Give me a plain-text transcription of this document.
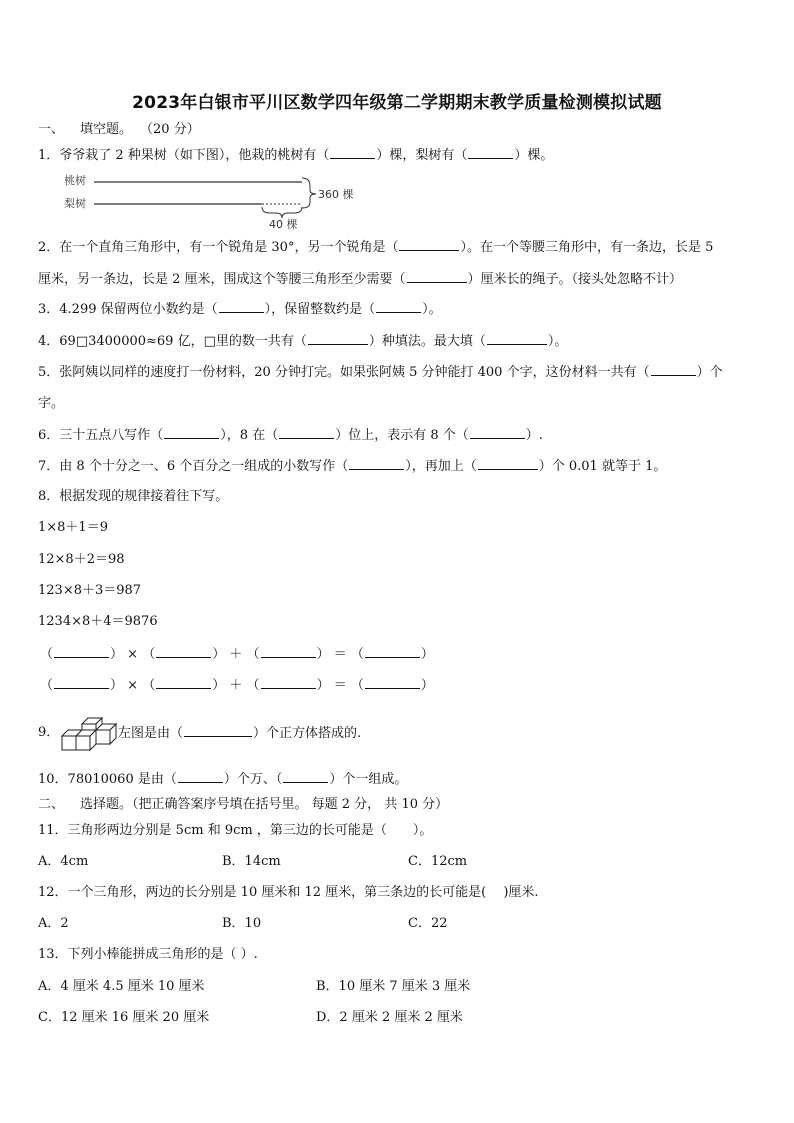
2023年白银市平川区数学四年级第二学期期末教学质量检测模拟试题
一、 填空题。 （20 分）
1．爷爷栽了 2 种果树（如下图），他栽的桃树有（	）棵，梨树有（	）棵。
桃树
梨树
360 棵
40 棵
2．在一个直角三角形中，有一个锐角是 30°，另一个锐角是（	）。在一个等腰三角形中，有一条边，长是 5
厘米，另一条边，长是 2 厘米，围成这个等腰三角形至少需要（	）厘米长的绳子。（接头处忽略不计）
3．4.299 保留两位小数约是（	），保留整数约是（	）。
4．69□3400000≈69 亿，□里的数一共有（	）种填法。最大填（	）。
5．张阿姨以同样的速度打一份材料，20 分钟打完。如果张阿姨 5 分钟能打 400 个字，这份材料一共有（	）个
字。
6．三十五点八写作（	），8 在（	）位上，表示有 8 个（	）.
7．由 8 个十分之一、6 个百分之一组成的小数写作（	），再加上（	）个 0.01 就等于 1。
8．根据发现的规律接着往下写。
1×8＋1＝9
12×8＋2＝98
123×8＋3＝987
1234×8＋4＝9876
（	） × （	） ＋ （	） ＝ （	）
（	） × （	） ＋ （	） ＝ （	）
9．	左图是由（	）个正方体搭成的.
10．78010060 是由（	）个万、（	）个一组成。
二、 选择题。（把正确答案序号填在括号里。 每题 2 分， 共 10 分）
11．三角形两边分别是 5cm 和 9cm ，第三边的长可能是（　　）。
A．4cm	B．14cm	C．12cm
12．一个三角形，两边的长分别是 10 厘米和 12 厘米，第三条边的长可能是(　 )厘米.
A．2	B．10	C．22
13．下列小棒能拼成三角形的是（ ）.
A．4 厘米 4.5 厘米 10 厘米	B．10 厘米 7 厘米 3 厘米
C．12 厘米 16 厘米 20 厘米	D．2 厘米 2 厘米 2 厘米
